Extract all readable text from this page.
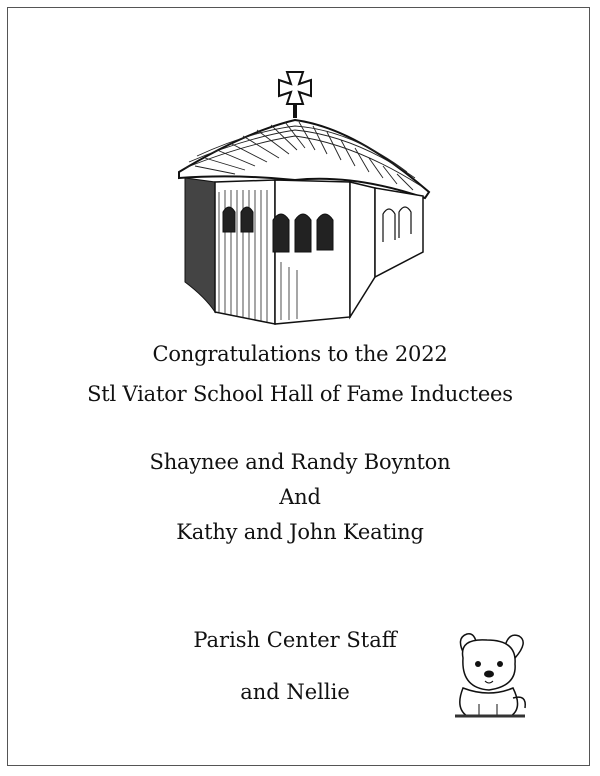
Congratulations to the 2022
Stl Viator School Hall of Fame Inductees
Shaynee and Randy Boynton
And
Kathy and John Keating
Parish Center Staff
and Nellie
